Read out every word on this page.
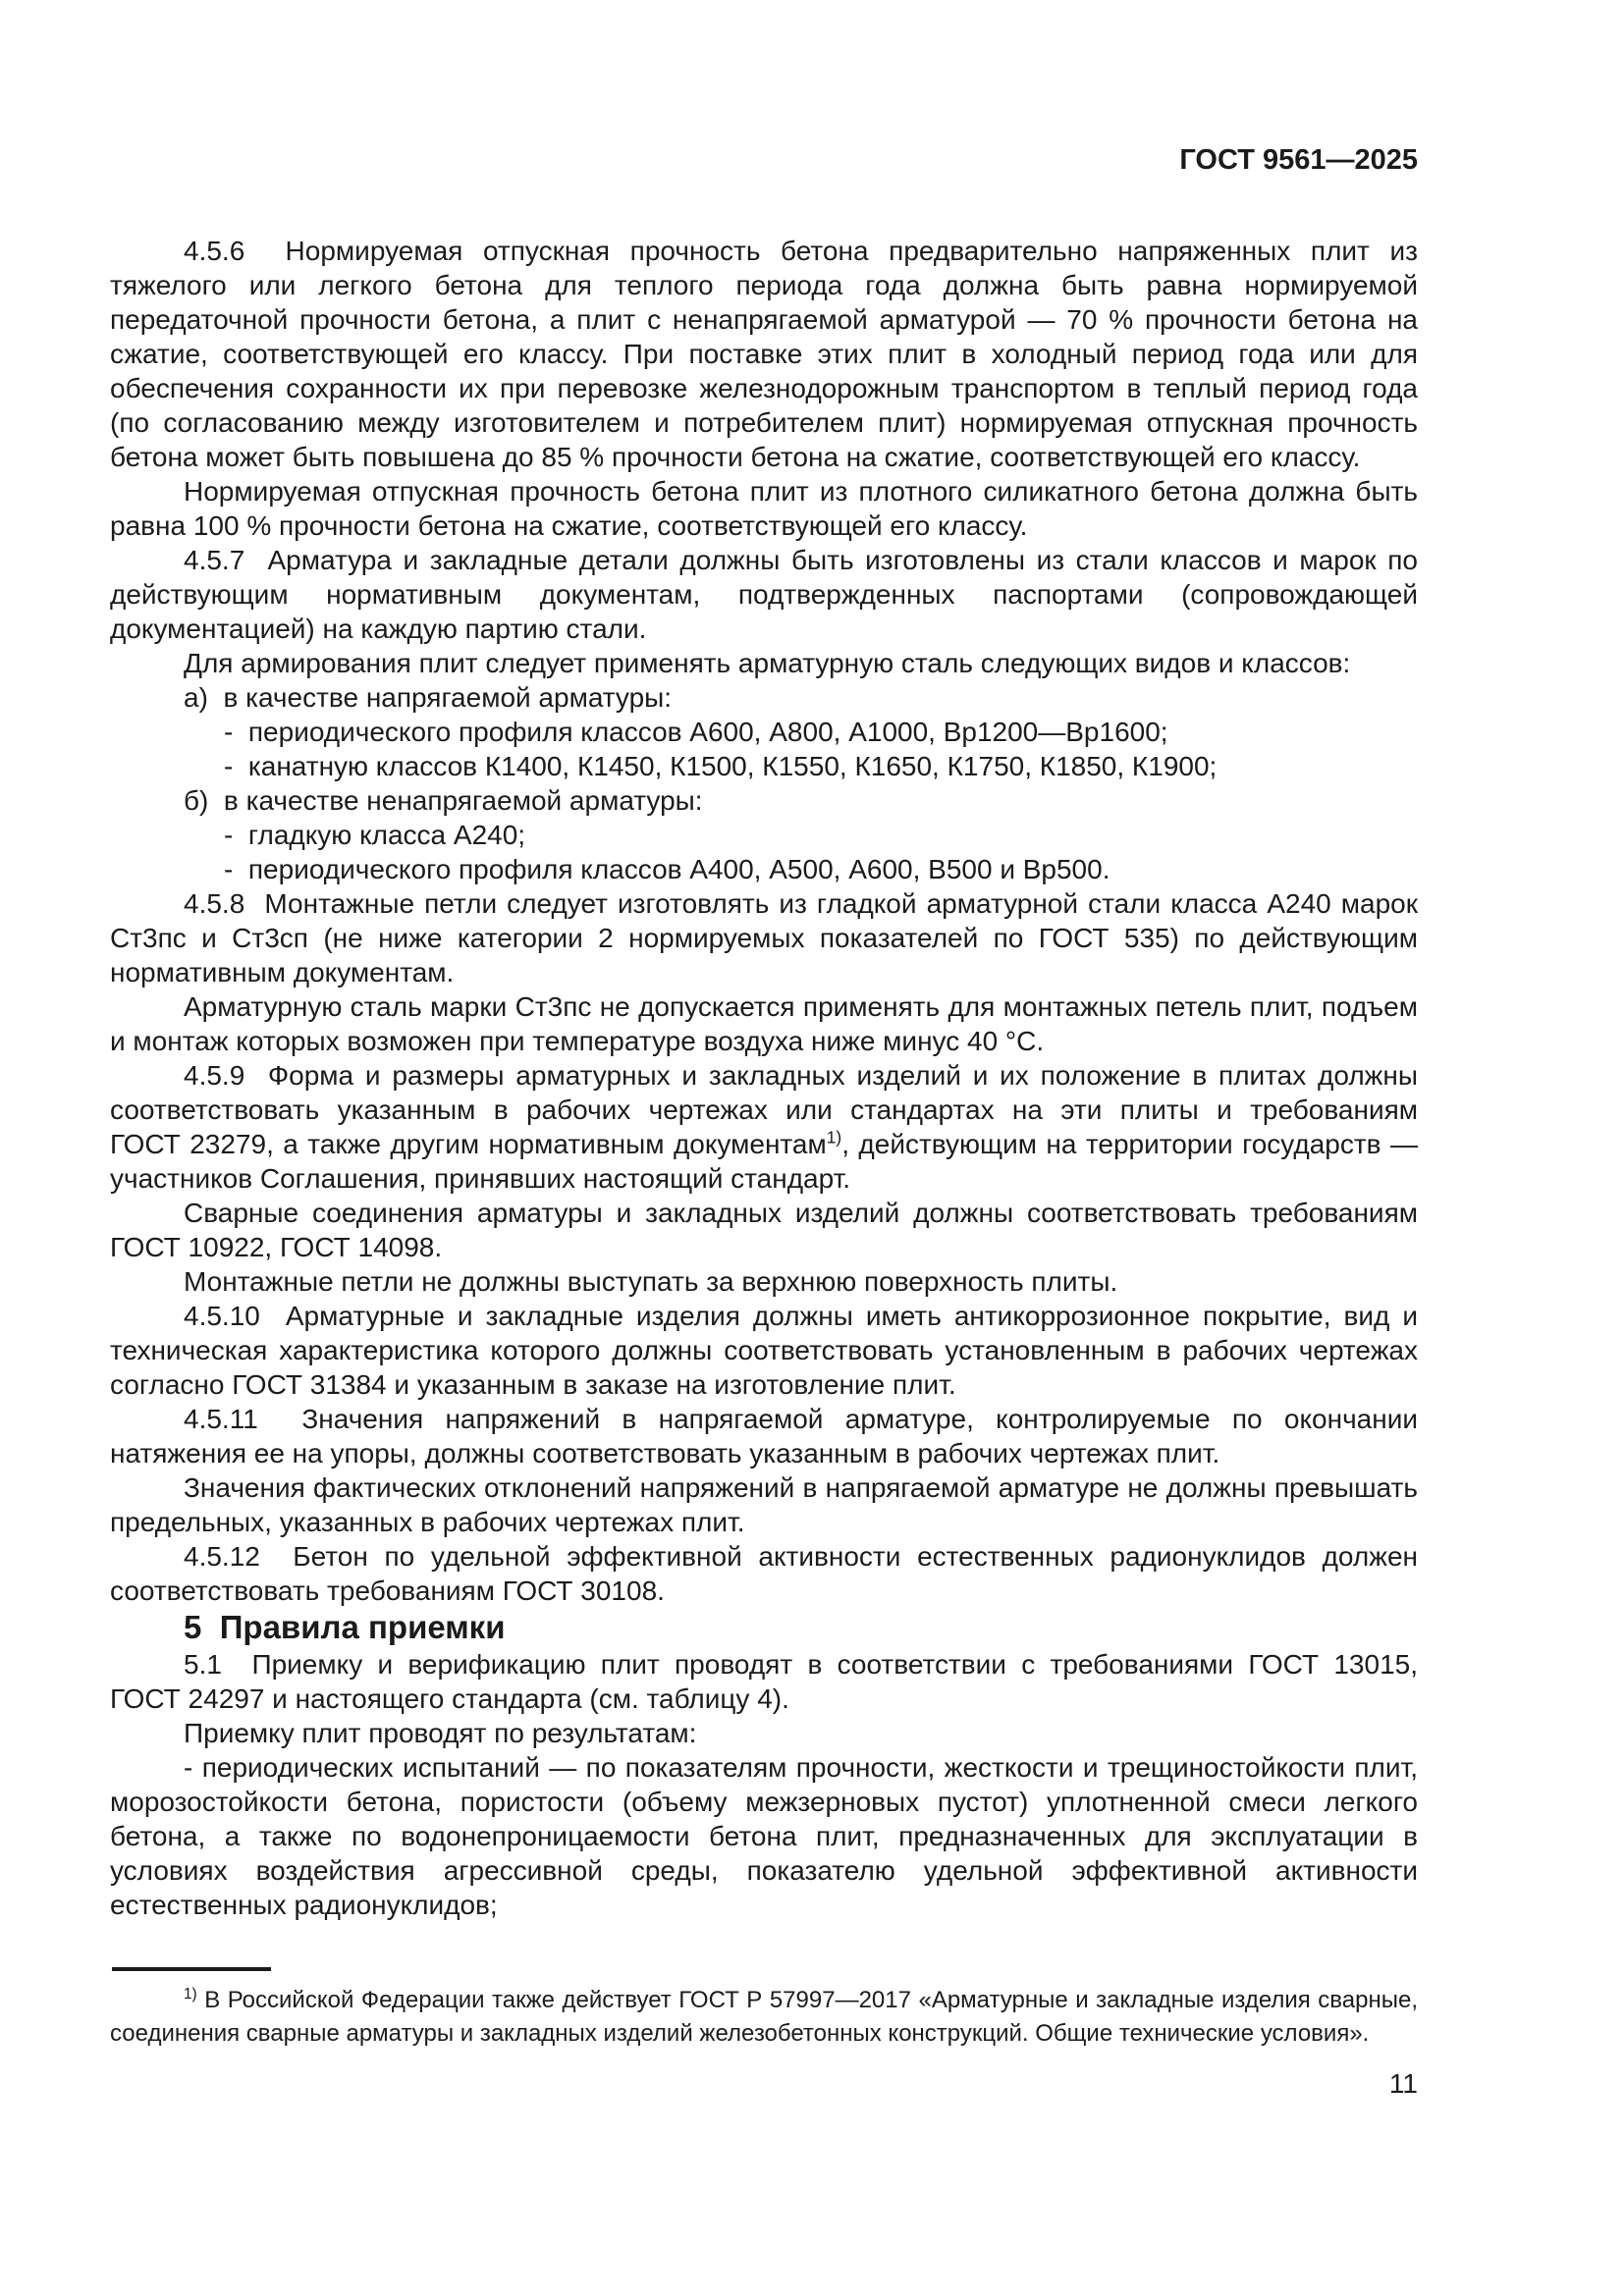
ГОСТ 9561—2025

4.5.6  Нормируемая отпускная прочность бетона предварительно напряженных плит из тяжелого или легкого бетона для теплого периода года должна быть равна нормируемой передаточной прочности бетона, а плит с ненапрягаемой арматурой — 70 % прочности бетона на сжатие, соответствующей его классу. При поставке этих плит в холодный период года или для обеспечения сохранности их при перевозке железнодорожным транспортом в теплый период года (по согласованию между изготовителем и потребителем плит) нормируемая отпускная прочность бетона может быть повышена до 85 % прочности бетона на сжатие, соответствующей его классу.

Нормируемая отпускная прочность бетона плит из плотного силикатного бетона должна быть равна 100 % прочности бетона на сжатие, соответствующей его классу.

4.5.7  Арматура и закладные детали должны быть изготовлены из стали классов и марок по действующим нормативным документам, подтвержденных паспортами (сопровождающей документацией) на каждую партию стали.

Для армирования плит следует применять арматурную сталь следующих видов и классов:

а)  в качестве напрягаемой арматуры:

-  периодического профиля классов А600, А800, А1000, Вр1200—Вр1600;

-  канатную классов К1400, К1450, К1500, К1550, К1650, К1750, К1850, К1900;

б)  в качестве ненапрягаемой арматуры:

-  гладкую класса А240;

-  периодического профиля классов А400, А500, А600, В500 и Вр500.

4.5.8  Монтажные петли следует изготовлять из гладкой арматурной стали класса А240 марок Ст3пс и Ст3сп (не ниже категории 2 нормируемых показателей по ГОСТ 535) по действующим нормативным документам.

Арматурную сталь марки Ст3пс не допускается применять для монтажных петель плит, подъем и монтаж которых возможен при температуре воздуха ниже минус 40 °С.

4.5.9  Форма и размеры арматурных и закладных изделий и их положение в плитах должны соответствовать указанным в рабочих чертежах или стандартах на эти плиты и требованиям ГОСТ 23279, а также другим нормативным документам$^{1)}$, действующим на территории государств — участников Соглашения, принявших настоящий стандарт.

Сварные соединения арматуры и закладных изделий должны соответствовать требованиям ГОСТ 10922, ГОСТ 14098.

Монтажные петли не должны выступать за верхнюю поверхность плиты.

4.5.10  Арматурные и закладные изделия должны иметь антикоррозионное покрытие, вид и техническая характеристика которого должны соответствовать установленным в рабочих чертежах согласно ГОСТ 31384 и указанным в заказе на изготовление плит.

4.5.11  Значения напряжений в напрягаемой арматуре, контролируемые по окончании натяжения ее на упоры, должны соответствовать указанным в рабочих чертежах плит.

Значения фактических отклонений напряжений в напрягаемой арматуре не должны превышать предельных, указанных в рабочих чертежах плит.

4.5.12  Бетон по удельной эффективной активности естественных радионуклидов должен соответствовать требованиям ГОСТ 30108.

5  Правила приемки

5.1  Приемку и верификацию плит проводят в соответствии с требованиями ГОСТ 13015, ГОСТ 24297 и настоящего стандарта (см. таблицу 4).

Приемку плит проводят по результатам:

- периодических испытаний — по показателям прочности, жесткости и трещиностойкости плит, морозостойкости бетона, пористости (объему межзерновых пустот) уплотненной смеси легкого бетона, а также по водонепроницаемости бетона плит, предназначенных для эксплуатации в условиях воздействия агрессивной среды, показателю удельной эффективной активности естественных радионуклидов;

$^{1)}$ В Российской Федерации также действует ГОСТ Р 57997—2017 «Арматурные и закладные изделия сварные, соединения сварные арматуры и закладных изделий железобетонных конструкций. Общие технические условия».

11
